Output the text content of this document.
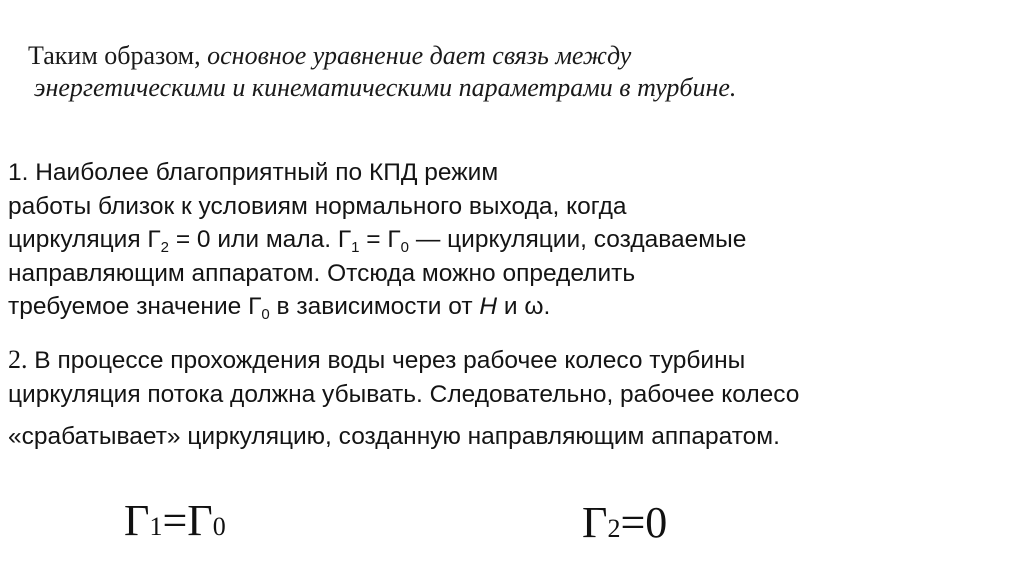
Таким образом, основное уравнение дает связь между
энергетическими и кинематическими параметрами в турбине.
1. Наиболее благоприятный по КПД режим
работы близок к условиям нормального выхода, когда
циркуляция $Г_2 = 0$ или мала. $Г_1 = Г_0$ — циркуляции, создаваемые
направляющим аппаратом. Отсюда можно определить
требуемое значение $Г_0$ в зависимости от Н и ω.
2. В процессе прохождения воды через рабочее колесо турбины
циркуляция потока должна убывать. Следовательно, рабочее колесо
«срабатывает» циркуляцию, созданную направляющим аппаратом.
Г1=Г0	Г2=0
